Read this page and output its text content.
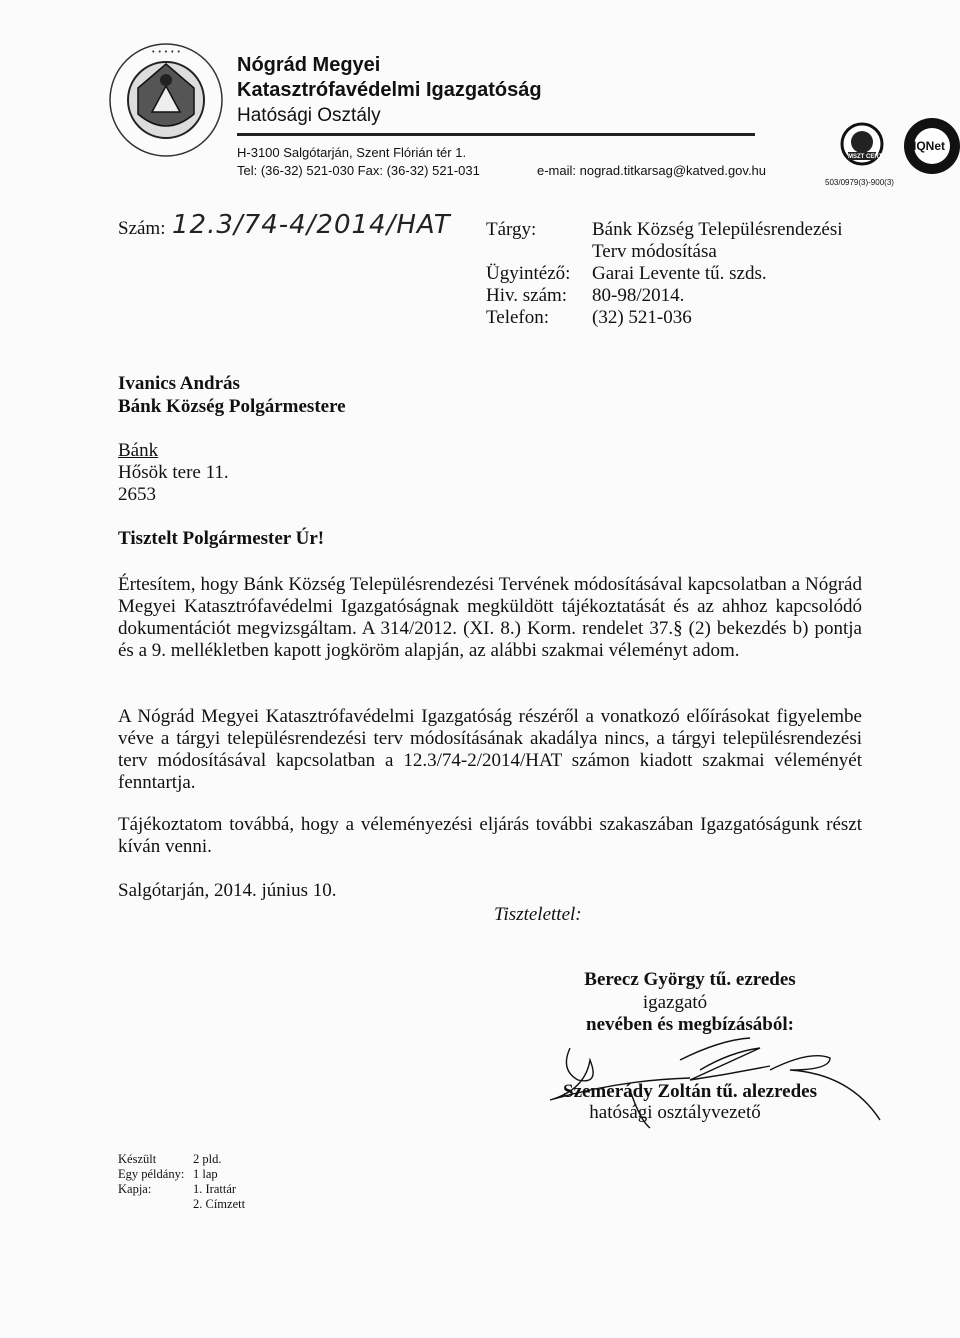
• • • • •
Nógrád Megyei
Katasztrófavédelmi Igazgatóság
Hatósági Osztály
H-3100 Salgótarján, Szent Flórián tér 1.
Tel: (36-32) 521-030 Fax: (36-32) 521-031	e-mail: nograd.titkarsag@katved.gov.hu
MSZT CERT
IQNet
503/0979(3)-900(3)
Szám: 12.3/74-4/2014/HAT Tárgy:	Bánk Község Településrendezési
Terv módosítása
Ügyintéző: Garai Levente tű. szds.
Hiv. szám: 80-98/2014.
Telefon: (32) 521-036
Ivanics András
Bánk Község Polgármestere
Bánk
Hősök tere 11.
2653
Tisztelt Polgármester Úr!
Értesítem, hogy Bánk Község Településrendezési Tervének módosításával kapcsolatban a Nógrád Megyei Katasztrófavédelmi Igazgatóságnak megküldött tájékoztatását és az ahhoz kapcsolódó dokumentációt megvizsgáltam. A 314/2012. (XI. 8.) Korm. rendelet 37.§ (2) bekezdés b) pontja és a 9. mellékletben kapott jogköröm alapján, az alábbi szakmai véleményt adom.
A Nógrád Megyei Katasztrófavédelmi Igazgatóság részéről a vonatkozó előírásokat figyelembe véve a tárgyi településrendezési terv módosításának akadálya nincs, a tárgyi településrendezési terv módosításával kapcsolatban a 12.3/74-2/2014/HAT számon kiadott szakmai véleményét fenntartja.
Tájékoztatom továbbá, hogy a véleményezési eljárás további szakaszában Igazgatóságunk részt kíván venni.
Salgótarján, 2014. június 10.
Tisztelettel:
Berecz György tű. ezredes
igazgató
nevében és megbízásából:
Szemerády Zoltán tű. alezredes
hatósági osztályvezető
Készült	2 pld.
Egy példány: 1 lap
Kapja:	1. Irattár
2. Címzett
